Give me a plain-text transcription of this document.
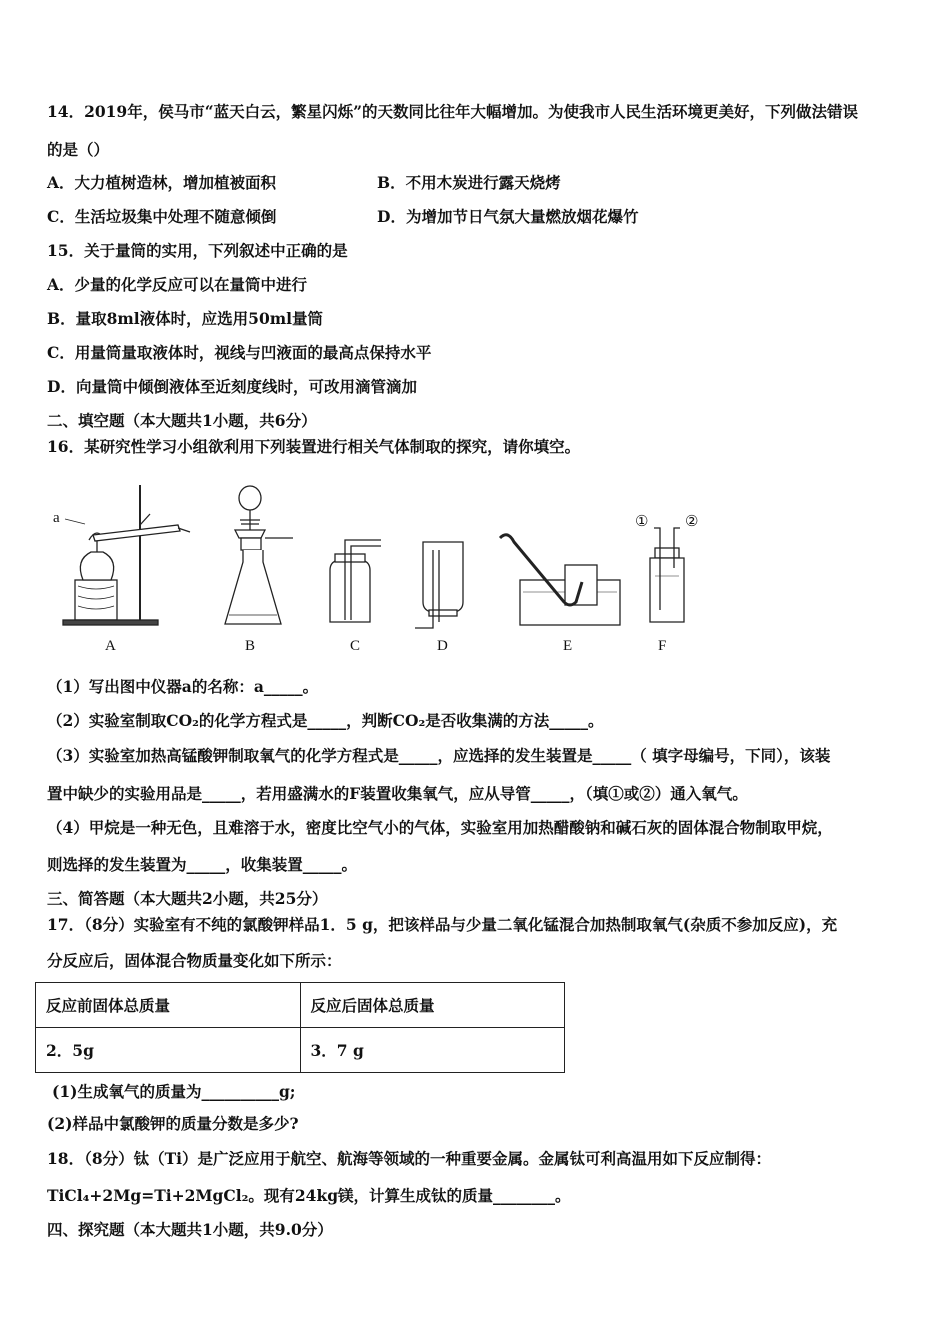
14．2019年，侯马市“蓝天白云，繁星闪烁”的天数同比往年大幅增加。为使我市人民生活环境更美好，下列做法错误
的是（）
A．大力植树造林，增加植被面积	B．不用木炭进行露天烧烤
C．生活垃圾集中处理不随意倾倒	D．为增加节日气氛大量燃放烟花爆竹
15．关于量筒的实用，下列叙述中正确的是
A．少量的化学反应可以在量筒中进行
B．量取8ml液体时，应选用50ml量筒
C．用量筒量取液体时，视线与凹液面的最高点保持水平
D．向量筒中倾倒液体至近刻度线时，可改用滴管滴加
二、填空题（本大题共1小题，共6分）
16．某研究性学习小组欲利用下列装置进行相关气体制取的探究，请你填空。
a	① ②
A	B	C	D	E	F
（1）写出图中仪器a的名称：a_____。
（2）实验室制取CO₂的化学方程式是_____，判断CO₂是否收集满的方法_____。
（3）实验室加热高锰酸钾制取氧气的化学方程式是_____，应选择的发生装置是_____（ 填字母编号，下同），该装
置中缺少的实验用品是_____，若用盛满水的F装置收集氧气，应从导管_____，（填①或②）通入氧气。
（4）甲烷是一种无色，且难溶于水，密度比空气小的气体，实验室用加热醋酸钠和碱石灰的固体混合物制取甲烷，
则选择的发生装置为_____，收集装置_____。
三、简答题（本大题共2小题，共25分）
17．（8分）实验室有不纯的氯酸钾样品1．5 g，把该样品与少量二氧化锰混合加热制取氧气(杂质不参加反应)，充
分反应后，固体混合物质量变化如下所示：
反应前固体总质量	反应后固体总质量
2．5g	3．7 g
(1)生成氧气的质量为__________g;
(2)样品中氯酸钾的质量分数是多少?
18．（8分）钛（Ti）是广泛应用于航空、航海等领域的一种重要金属。金属钛可利高温用如下反应制得：
TiCl₄+2Mg=Ti+2MgCl₂。现有24kg镁，计算生成钛的质量________。
四、探究题（本大题共1小题，共9.0分）
